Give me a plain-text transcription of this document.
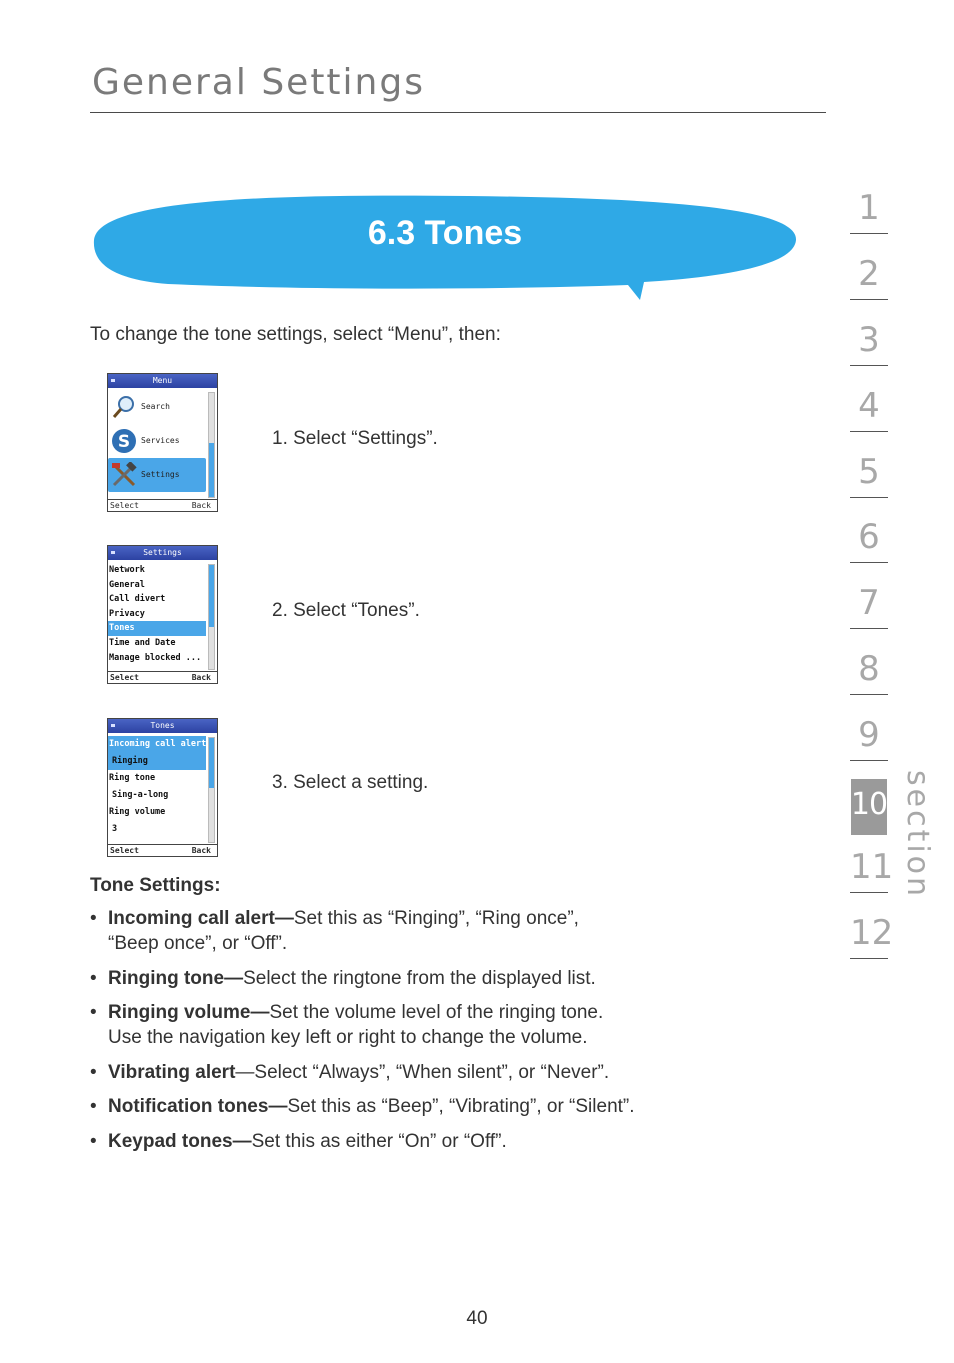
General Settings
6.3 Tones
To change the tone settings, select “Menu”, then:
Menu
Search
S Services
Settings
Select	Back
1. Select “Settings”.
Settings
Network
General
Call divert
Privacy
Tones
Time and Date
Manage blocked ...
Select	Back
2. Select “Tones”.
Tones
Incoming call alert
Ringing
Ring tone
Sing-a-long
Ring volume
3
Select	Back
3. Select a setting.
Tone Settings:
• Incoming call alert—Set this as “Ringing”, “Ring once”,
“Beep once”, or “Off”.
• Ringing tone—Select the ringtone from the displayed list.
• Ringing volume—Set the volume level of the ringing tone.
Use the navigation key left or right to change the volume.
• Vibrating alert—Select “Always”, “When silent”, or “Never”.
• Notification tones—Set this as “Beep”, “Vibrating”, or “Silent”.
• Keypad tones—Set this as either “On” or “Off”.
1
2
3
4
5
6
7
8
9
10
11
12
section
40
